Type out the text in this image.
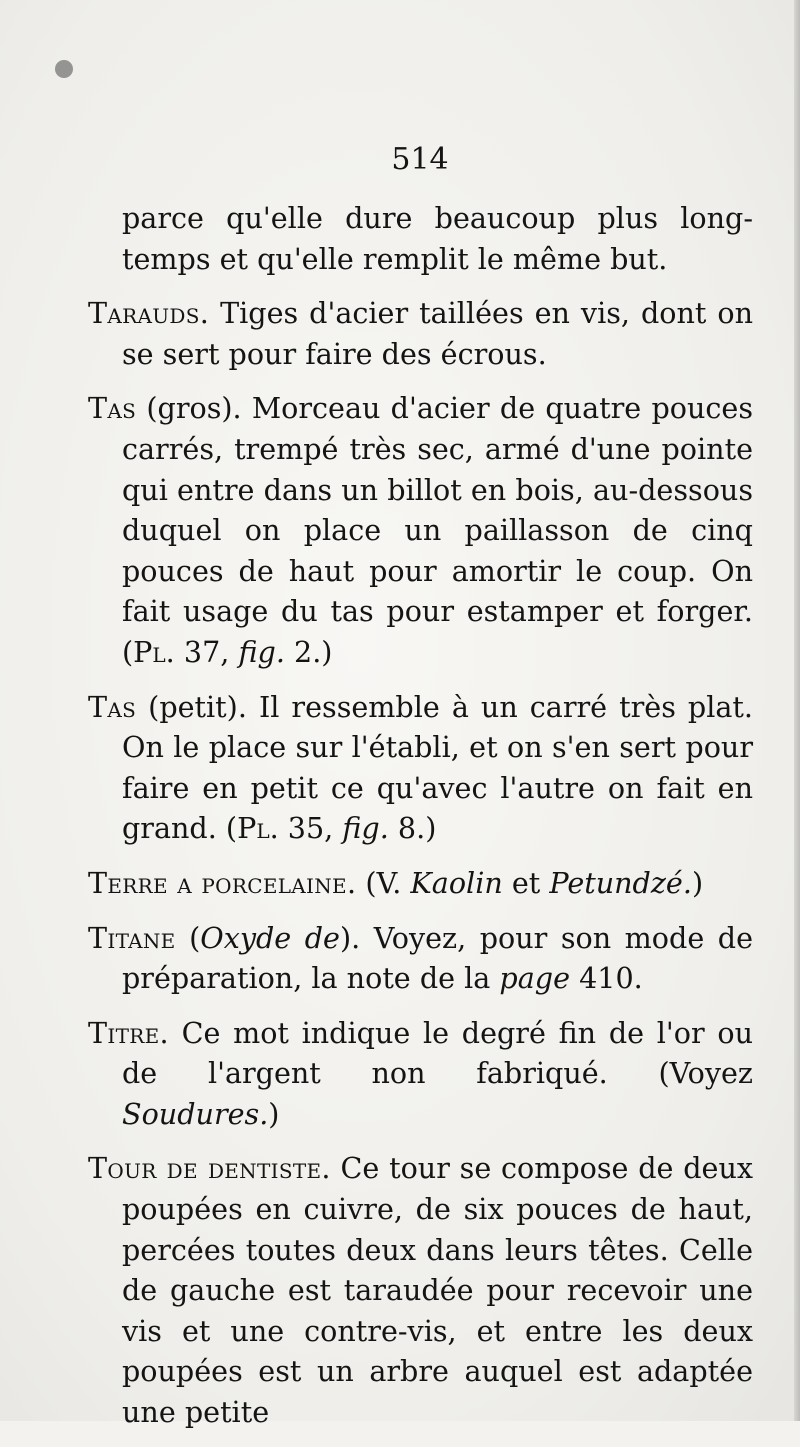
514

parce qu'elle dure beaucoup plus long-temps et qu'elle remplit le même but.

Tarauds. Tiges d'acier taillées en vis, dont on se sert pour faire des écrous.

Tas (gros). Morceau d'acier de quatre pouces carrés, trempé très sec, armé d'une pointe qui entre dans un billot en bois, au-dessous duquel on place un paillasson de cinq pouces de haut pour amortir le coup. On fait usage du tas pour estamper et forger. (Pl. 37, fig. 2.)

Tas (petit). Il ressemble à un carré très plat. On le place sur l'établi, et on s'en sert pour faire en petit ce qu'avec l'autre on fait en grand. (Pl. 35, fig. 8.)

Terre a porcelaine. (V. Kaolin et Petundzé.)

Titane (Oxyde de). Voyez, pour son mode de préparation, la note de la page 410.

Titre. Ce mot indique le degré fin de l'or ou de l'argent non fabriqué. (Voyez Soudures.)

Tour de dentiste. Ce tour se compose de deux poupées en cuivre, de six pouces de haut, percées toutes deux dans leurs têtes. Celle de gauche est taraudée pour recevoir une vis et une contre-vis, et entre les deux poupées est un arbre auquel est adaptée une petite
